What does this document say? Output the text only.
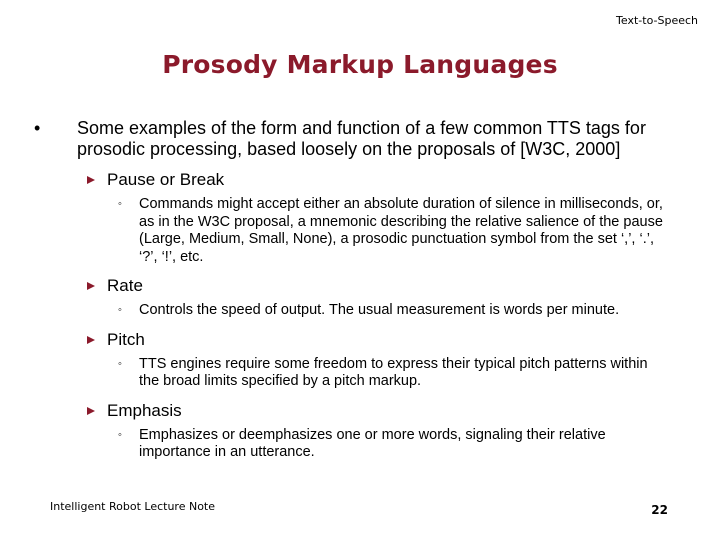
Text-to-Speech
Prosody Markup Languages
• Some examples of the form and function of a few common TTS tags for prosodic processing, based loosely on the proposals of [W3C, 2000]
Pause or Break
◦ Commands might accept either an absolute duration of silence in milliseconds, or, as in the W3C proposal, a mnemonic describing the relative salience of the pause (Large, Medium, Small, None), a prosodic punctuation symbol from the set ‘,’, ‘.’, ‘?’, ‘!’, etc.
Rate
◦ Controls the speed of output. The usual measurement is words per minute.
Pitch
◦ TTS engines require some freedom to express their typical pitch patterns within the broad limits specified by a pitch markup.
Emphasis
◦ Emphasizes or deemphasizes one or more words, signaling their relative importance in an utterance.
Intelligent Robot Lecture Note	22
